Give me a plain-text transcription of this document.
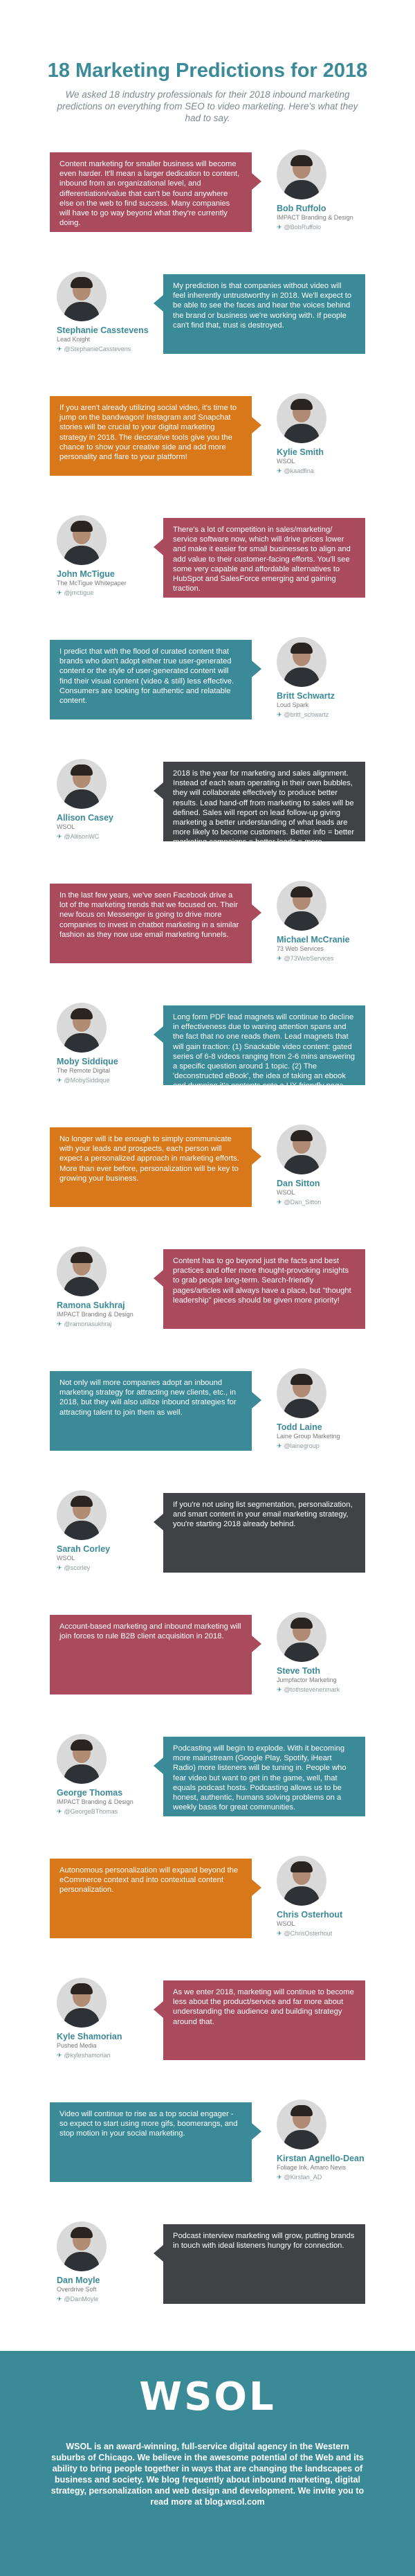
18 Marketing Predictions for 2018
We asked 18 industry professionals for their 2018 inbound marketing predictions on everything from SEO to video marketing. Here's what they had to say.
Content marketing for smaller business will become even harder. It'll mean a larger dedication to content, inbound from an organizational level, and differentiation/value that can't be found anywhere else on the web to find success. Many companies will have to go way beyond what they're currently doing.
Bob Ruffolo
IMPACT Branding & Design
✈ @BobRuffolo
My prediction is that companies without video will feel inherently untrustworthy in 2018. We'll expect to be able to see the faces and hear the voices behind the brand or business we're working with. If people can't find that, trust is destroyed.
Stephanie Casstevens
Lead Knight
✈ @StephanieCasstevens
If you aren't already utilizing social video, it's time to jump on the bandwagon! Instagram and Snapchat stories will be crucial to your digital marketing strategy in 2018. The decorative tools give you the chance to show your creative side and add more personality and flare to your platform!
Kylie Smith
WSOL
✈ @kaadfina
There's a lot of competition in sales/marketing/ service software now, which will drive prices lower and make it easier for small businesses to align and add value to their customer-facing efforts. You'll see some very capable and affordable alternatives to HubSpot and SalesForce emerging and gaining traction.
John McTigue
The McTigue Whitepaper
✈ @jmctigue
I predict that with the flood of curated content that brands who don't adopt either true user-generated content or the style of user-generated content will find their visual content (video & still) less effective. Consumers are looking for authentic and relatable content.
Britt Schwartz
Loud Spark
✈ @britt_schwartz
2018 is the year for marketing and sales alignment. Instead of each team operating in their own bubbles, they will collaborate effectively to produce better results. Lead hand-off from marketing to sales will be defined. Sales will report on lead follow-up giving marketing a better understanding of what leads are more likely to become customers. Better info = better marketing campaigns = better leads = more customers.
Allison Casey
WSOL
✈ @AllisonWC
In the last few years, we've seen Facebook drive a lot of the marketing trends that we focused on. Their new focus on Messenger is going to drive more companies to invest in chatbot marketing in a similar fashion as they now use email marketing funnels.
Michael McCranie
73 Web Services
✈ @73WebServices
Long form PDF lead magnets will continue to decline in effectiveness due to waning attention spans and the fact that no one reads them. Lead magnets that will gain traction: (1) Snackable video content: gated series of 6-8 videos ranging from 2-6 mins answering a specific question around 1 topic. (2) The 'deconstructed eBook', the idea of taking an ebook and dumping it's contents onto a UX friendly page.
Moby Siddique
The Remote Digital
✈ @MobySiddique
No longer will it be enough to simply communicate with your leads and prospects, each person will expect a personalized approach in marketing efforts. More than ever before, personalization will be key to growing your business.
Dan Sitton
WSOL
✈ @Dan_Sitton
Content has to go beyond just the facts and best practices and offer more thought-provoking insights to grab people long-term. Search-friendly pages/articles will always have a place, but "thought leadership" pieces should be given more priority!
Ramona Sukhraj
IMPACT Branding & Design
✈ @ramonasukhraj
Not only will more companies adopt an inbound marketing strategy for attracting new clients, etc., in 2018, but they will also utilize inbound strategies for attracting talent to join them as well.
Todd Laine
Laine Group Marketing
✈ @lainegroup
If you're not using list segmentation, personalization, and smart content in your email marketing strategy, you're starting 2018 already behind.
Sarah Corley
WSOL
✈ @scorley
Account-based marketing and inbound marketing will join forces to rule B2B client acquisition in 2018.
Steve Toth
Jumpfactor Marketing
✈ @tothstevenenmark
Podcasting will begin to explode. With it becoming more mainstream (Google Play, Spotify, iHeart Radio) more listeners will be tuning in. People who fear video but want to get in the game, well, that equals podcast hosts. Podcasting allows us to be honest, authentic, humans solving problems on a weekly basis for great communities.
George Thomas
IMPACT Branding & Design
✈ @GeorgeBThomas
Autonomous personalization will expand beyond the eCommerce context and into contextual content personalization.
Chris Osterhout
WSOL
✈ @ChrisOsterhout
As we enter 2018, marketing will continue to become less about the product/service and far more about understanding the audience and building strategy around that.
Kyle Shamorian
Pushed Media
✈ @kyleshamorian
Video will continue to rise as a top social engager - so expect to start using more gifs, boomerangs, and stop motion in your social marketing.
Kirstan Agnello-Dean
Foliage Ink, Amaro Nevis
✈ @Kirstan_AD
Podcast interview marketing will grow, putting brands in touch with ideal listeners hungry for connection.
Dan Moyle
Overdrive Soft
✈ @DanMoyle
WSOL
WSOL is an award-winning, full-service digital agency in the Western suburbs of Chicago. We believe in the awesome potential of the Web and its ability to bring people together in ways that are changing the landscapes of business and society. We blog frequently about inbound marketing, digital strategy, personalization and web design and development. We invite you to read more at blog.wsol.com
